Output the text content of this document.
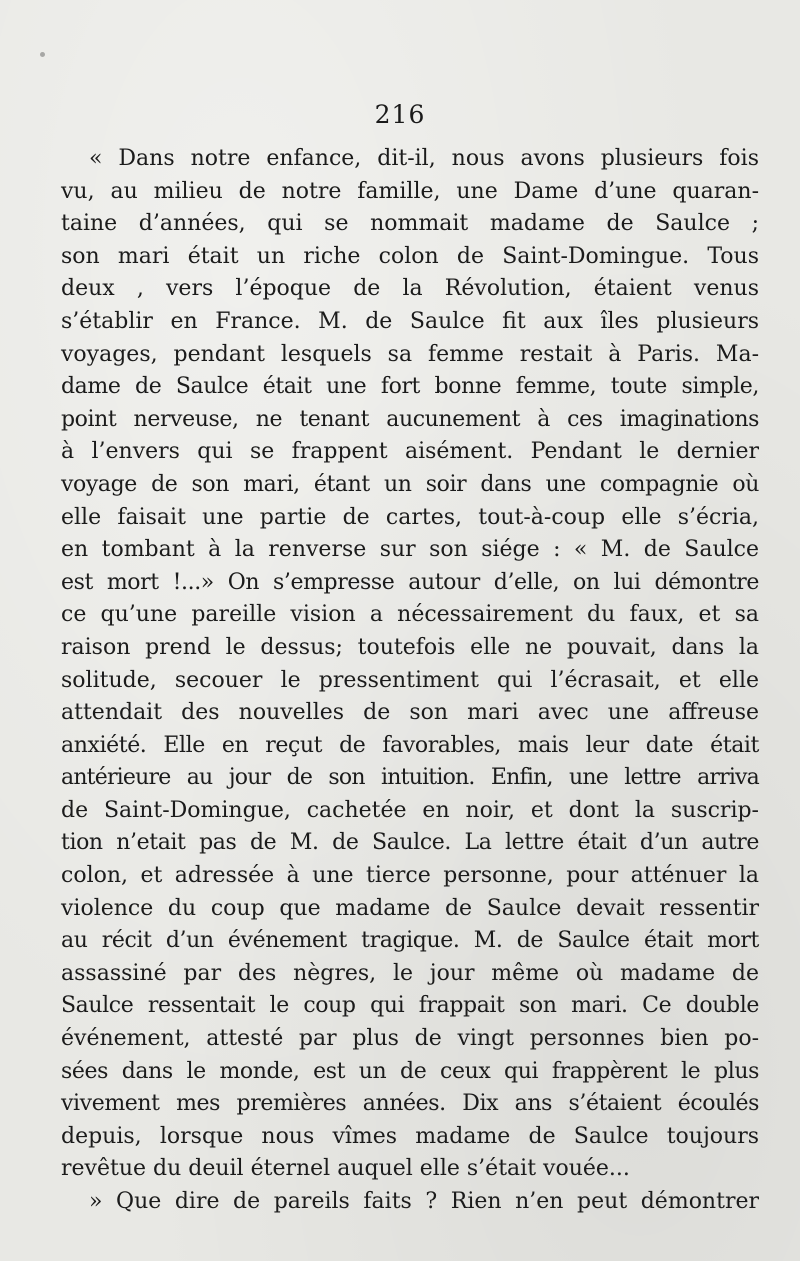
216
« Dans notre enfance, dit-il, nous avons plusieurs fois
vu, au milieu de notre famille, une Dame d’une quaran-
taine d’années, qui se nommait madame de Saulce ;
son mari était un riche colon de Saint-Domingue. Tous
deux , vers l’époque de la Révolution, étaient venus
s’établir en France. M. de Saulce fit aux îles plusieurs
voyages, pendant lesquels sa femme restait à Paris. Ma-
dame de Saulce était une fort bonne femme, toute simple,
point nerveuse, ne tenant aucunement à ces imaginations
à l’envers qui se frappent aisément. Pendant le dernier
voyage de son mari, étant un soir dans une compagnie où
elle faisait une partie de cartes, tout-à-coup elle s’écria,
en tombant à la renverse sur son siége : « M. de Saulce
est mort !...» On s’empresse autour d’elle, on lui démontre
ce qu’une pareille vision a nécessairement du faux, et sa
raison prend le dessus; toutefois elle ne pouvait, dans la
solitude, secouer le pressentiment qui l’écrasait, et elle
attendait des nouvelles de son mari avec une affreuse
anxiété. Elle en reçut de favorables, mais leur date était
antérieure au jour de son intuition. Enfin, une lettre arriva
de Saint-Domingue, cachetée en noir, et dont la suscrip-
tion n’etait pas de M. de Saulce. La lettre était d’un autre
colon, et adressée à une tierce personne, pour atténuer la
violence du coup que madame de Saulce devait ressentir
au récit d’un événement tragique. M. de Saulce était mort
assassiné par des nègres, le jour même où madame de
Saulce ressentait le coup qui frappait son mari. Ce double
événement, attesté par plus de vingt personnes bien po-
sées dans le monde, est un de ceux qui frappèrent le plus
vivement mes premières années. Dix ans s’étaient écoulés
depuis, lorsque nous vîmes madame de Saulce toujours
revêtue du deuil éternel auquel elle s’était vouée...
» Que dire de pareils faits ? Rien n’en peut démontrer
